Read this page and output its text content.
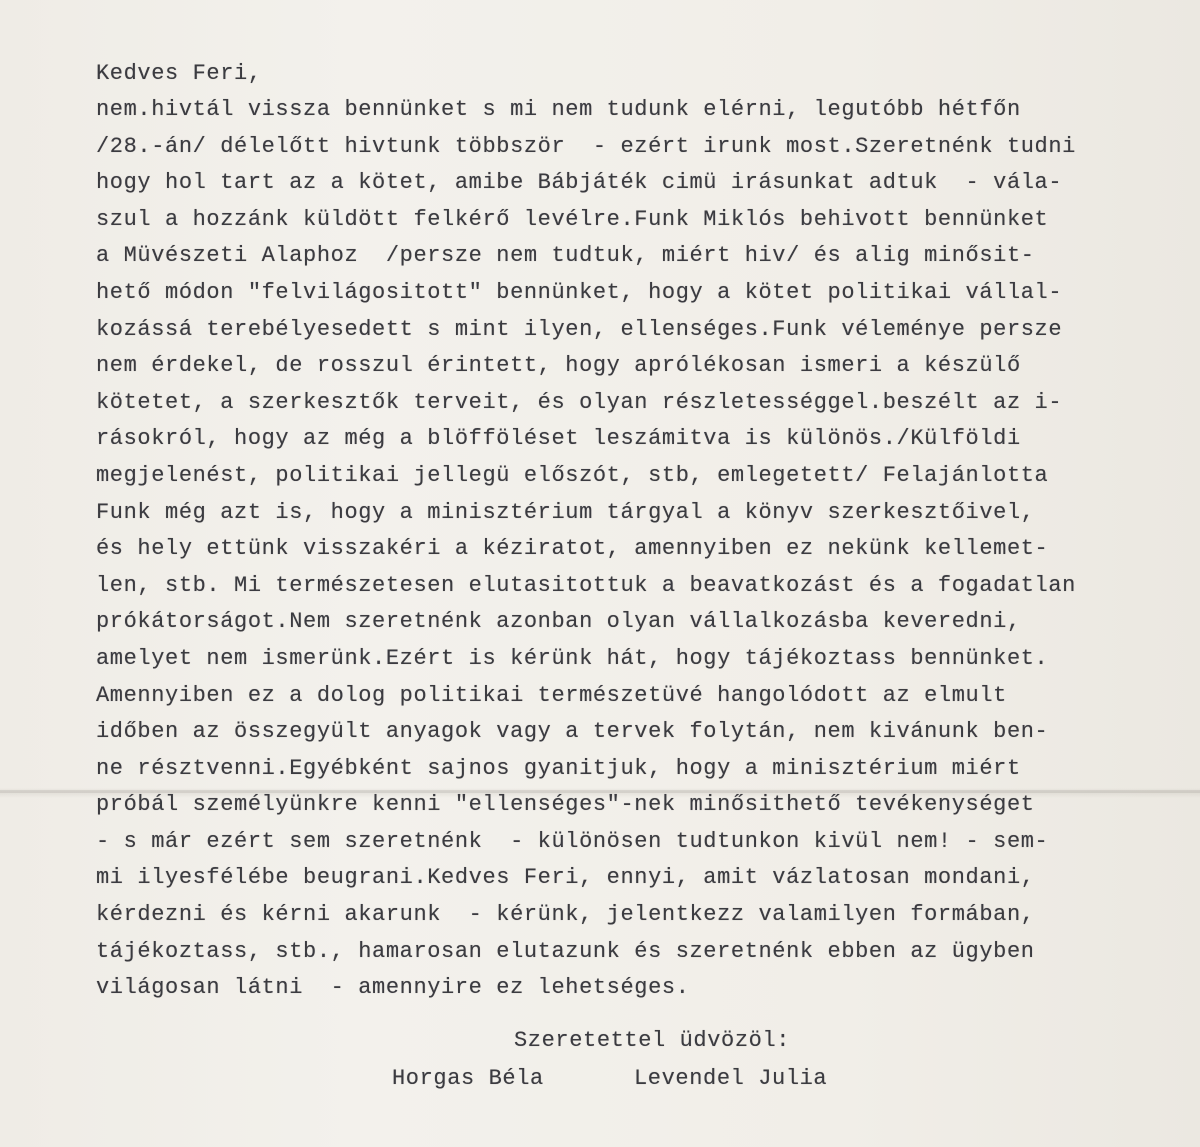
Kedves Feri,
nem.hivtál vissza bennünket s mi nem tudunk elérni, legutóbb hétfőn
/28.-án/ délelőtt hivtunk többször  - ezért irunk most.Szeretnénk tudni
hogy hol tart az a kötet, amibe Bábjáték cimü irásunkat adtuk  - vála-
szul a hozzánk küldött felkérő levélre.Funk Miklós behivott bennünket
a Müvészeti Alaphoz  /persze nem tudtuk, miért hiv/ és alig minősit-
hető módon "felvilágositott" bennünket, hogy a kötet politikai vállal-
kozássá terebélyesedett s mint ilyen, ellenséges.Funk véleménye persze
nem érdekel, de rosszul érintett, hogy aprólékosan ismeri a készülő
kötetet, a szerkesztők terveit, és olyan részletességgel.beszélt az i-
rásokról, hogy az még a blöfföléset leszámitva is különös./Külföldi
megjelenést, politikai jellegü előszót, stb, emlegetett/ Felajánlotta
Funk még azt is, hogy a minisztérium tárgyal a könyv szerkesztőivel,
és hely ettünk visszakéri a kéziratot, amennyiben ez nekünk kellemet-
len, stb. Mi természetesen elutasitottuk a beavatkozást és a fogadatlan
prókátorságot.Nem szeretnénk azonban olyan vállalkozásba keveredni,
amelyet nem ismerünk.Ezért is kérünk hát, hogy tájékoztass bennünket.
Amennyiben ez a dolog politikai természetüvé hangolódott az elmult
időben az összegyült anyagok vagy a tervek folytán, nem kivánunk ben-
ne résztvenni.Egyébként sajnos gyanitjuk, hogy a minisztérium miért
próbál személyünkre kenni "ellenséges"-nek minősithető tevékenységet
- s már ezért sem szeretnénk  - különösen tudtunkon kivül nem! - sem-
mi ilyesfélébe beugrani.Kedves Feri, ennyi, amit vázlatosan mondani,
kérdezni és kérni akarunk  - kérünk, jelentkezz valamilyen formában,
tájékoztass, stb., hamarosan elutazunk és szeretnénk ebben az ügyben
világosan látni  - amennyire ez lehetséges.
Szeretettel üdvözöl:
Horgas Béla	Levendel Julia
